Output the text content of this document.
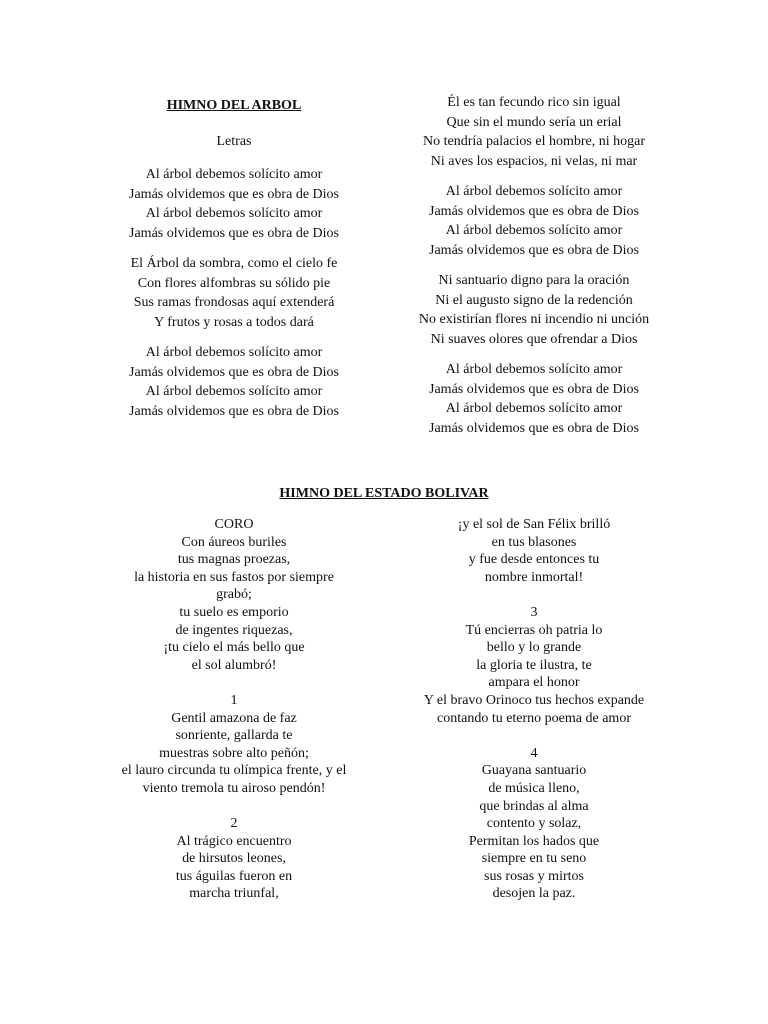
HIMNO DEL ARBOL
Letras
Al árbol debemos solícito amor
Jamás olvidemos que es obra de Dios
Al árbol debemos solícito amor
Jamás olvidemos que es obra de Dios
El Árbol da sombra, como el cielo fe
Con flores alfombras su sólido pie
Sus ramas frondosas aquí extenderá
Y frutos y rosas a todos dará
Al árbol debemos solícito amor
Jamás olvidemos que es obra de Dios
Al árbol debemos solícito amor
Jamás olvidemos que es obra de Dios
Él es tan fecundo rico sin igual
Que sin el mundo sería un erial
No tendría palacios el hombre, ni hogar
Ni aves los espacios, ni velas, ni mar
Al árbol debemos solícito amor
Jamás olvidemos que es obra de Dios
Al árbol debemos solícito amor
Jamás olvidemos que es obra de Dios
Ni santuario digno para la oración
Ni el augusto signo de la redención
No existirían flores ni incendio ni unción
Ni suaves olores que ofrendar a Dios
Al árbol debemos solícito amor
Jamás olvidemos que es obra de Dios
Al árbol debemos solícito amor
Jamás olvidemos que es obra de Dios
HIMNO DEL ESTADO BOLIVAR
CORO
Con áureos buriles
tus magnas proezas,
la historia en sus fastos por siempre
grabó;
tu suelo es emporio
de ingentes riquezas,
¡tu cielo el más bello que
el sol alumbró!
1
Gentil amazona de faz
sonriente, gallarda te
muestras sobre alto peñón;
el lauro circunda tu olímpica frente, y el
viento tremola tu airoso pendón!
2
Al trágico encuentro
de hirsutos leones,
tus águilas fueron en
marcha triunfal,
¡y el sol de San Félix brilló
en tus blasones
y fue desde entonces tu
nombre inmortal!
3
Tú encierras oh patria lo
bello y lo grande
la gloria te ilustra, te
ampara el honor
Y el bravo Orinoco tus hechos expande
contando tu eterno poema de amor
4
Guayana santuario
de música lleno,
que brindas al alma
contento y solaz,
Permitan los hados que
siempre en tu seno
sus rosas y mirtos
desojen la paz.
